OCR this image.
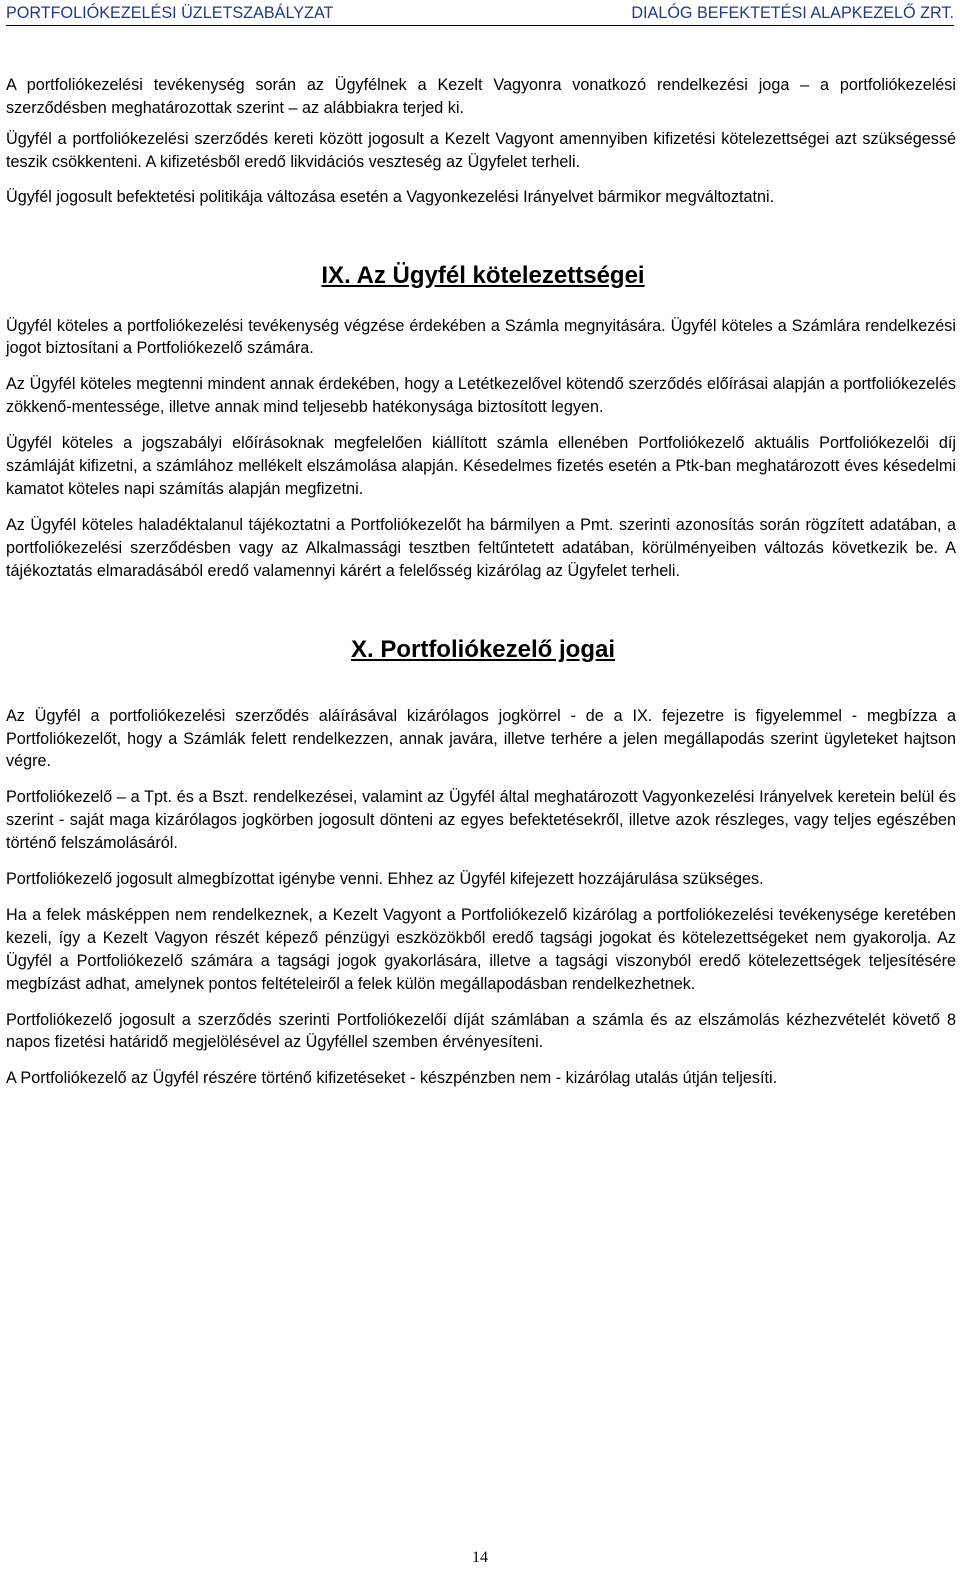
PORTFOLIÓKEZELÉSI ÜZLETSZABÁLYZAT	DIALÓG BEFEKTETÉSI ALAPKEZELŐ ZRT.

A portfoliókezelési tevékenység során az Ügyfélnek a Kezelt Vagyonra vonatkozó rendelkezési joga – a portfoliókezelési szerződésben meghatározottak szerint – az alábbiakra terjed ki.

Ügyfél a portfoliókezelési szerződés kereti között jogosult a Kezelt Vagyont amennyiben kifizetési kötelezettségei azt szükségessé teszik csökkenteni. A kifizetésből eredő likvidációs veszteség az Ügyfelet terheli.

Ügyfél jogosult befektetési politikája változása esetén a Vagyonkezelési Irányelvet bármikor megváltoztatni.

IX. Az Ügyfél kötelezettségei

Ügyfél köteles a portfoliókezelési tevékenység végzése érdekében a Számla megnyitására. Ügyfél köteles a Számlára rendelkezési jogot biztosítani a Portfoliókezelő számára.

Az Ügyfél köteles megtenni mindent annak érdekében, hogy a Letétkezelővel kötendő szerződés előírásai alapján a portfoliókezelés zökkenő-mentessége, illetve annak mind teljesebb hatékonysága biztosított legyen.

Ügyfél köteles a jogszabályi előírásoknak megfelelően kiállított számla ellenében Portfoliókezelő aktuális Portfoliókezelői díj számláját kifizetni, a számlához mellékelt elszámolása alapján. Késedelmes fizetés esetén a Ptk-ban meghatározott éves késedelmi kamatot köteles napi számítás alapján megfizetni.

Az Ügyfél köteles haladéktalanul tájékoztatni a Portfoliókezelőt ha bármilyen a Pmt. szerinti azonosítás során rögzített adatában, a portfoliókezelési szerződésben vagy az Alkalmassági tesztben feltűntetett adatában, körülményeiben változás következik be. A tájékoztatás elmaradásából eredő valamennyi kárért a felelősség kizárólag az Ügyfelet terheli.

X. Portfoliókezelő jogai

Az Ügyfél a portfoliókezelési szerződés aláírásával kizárólagos jogkörrel - de a IX. fejezetre is figyelemmel - megbízza a Portfoliókezelőt, hogy a Számlák felett rendelkezzen, annak javára, illetve terhére a jelen megállapodás szerint ügyleteket hajtson végre.

Portfoliókezelő – a Tpt. és a Bszt. rendelkezései, valamint az Ügyfél által meghatározott Vagyonkezelési Irányelvek keretein belül és szerint - saját maga kizárólagos jogkörben jogosult dönteni az egyes befektetésekről, illetve azok részleges, vagy teljes egészében történő felszámolásáról.

Portfoliókezelő jogosult almegbízottat igénybe venni. Ehhez az Ügyfél kifejezett hozzájárulása szükséges.

Ha a felek másképpen nem rendelkeznek, a Kezelt Vagyont a Portfoliókezelő kizárólag a portfoliókezelési tevékenysége keretében kezeli, így a Kezelt Vagyon részét képező pénzügyi eszközökből eredő tagsági jogokat és kötelezettségeket nem gyakorolja. Az Ügyfél a Portfoliókezelő számára a tagsági jogok gyakorlására, illetve a tagsági viszonyból eredő kötelezettségek teljesítésére megbízást adhat, amelynek pontos feltételeiről a felek külön megállapodásban rendelkezhetnek.

Portfoliókezelő jogosult a szerződés szerinti Portfoliókezelői díját számlában a számla és az elszámolás kézhezvételét követő 8 napos fizetési határidő megjelölésével az Ügyféllel szemben érvényesíteni.

A Portfoliókezelő az Ügyfél részére történő kifizetéseket - készpénzben nem - kizárólag utalás útján teljesíti.

14
